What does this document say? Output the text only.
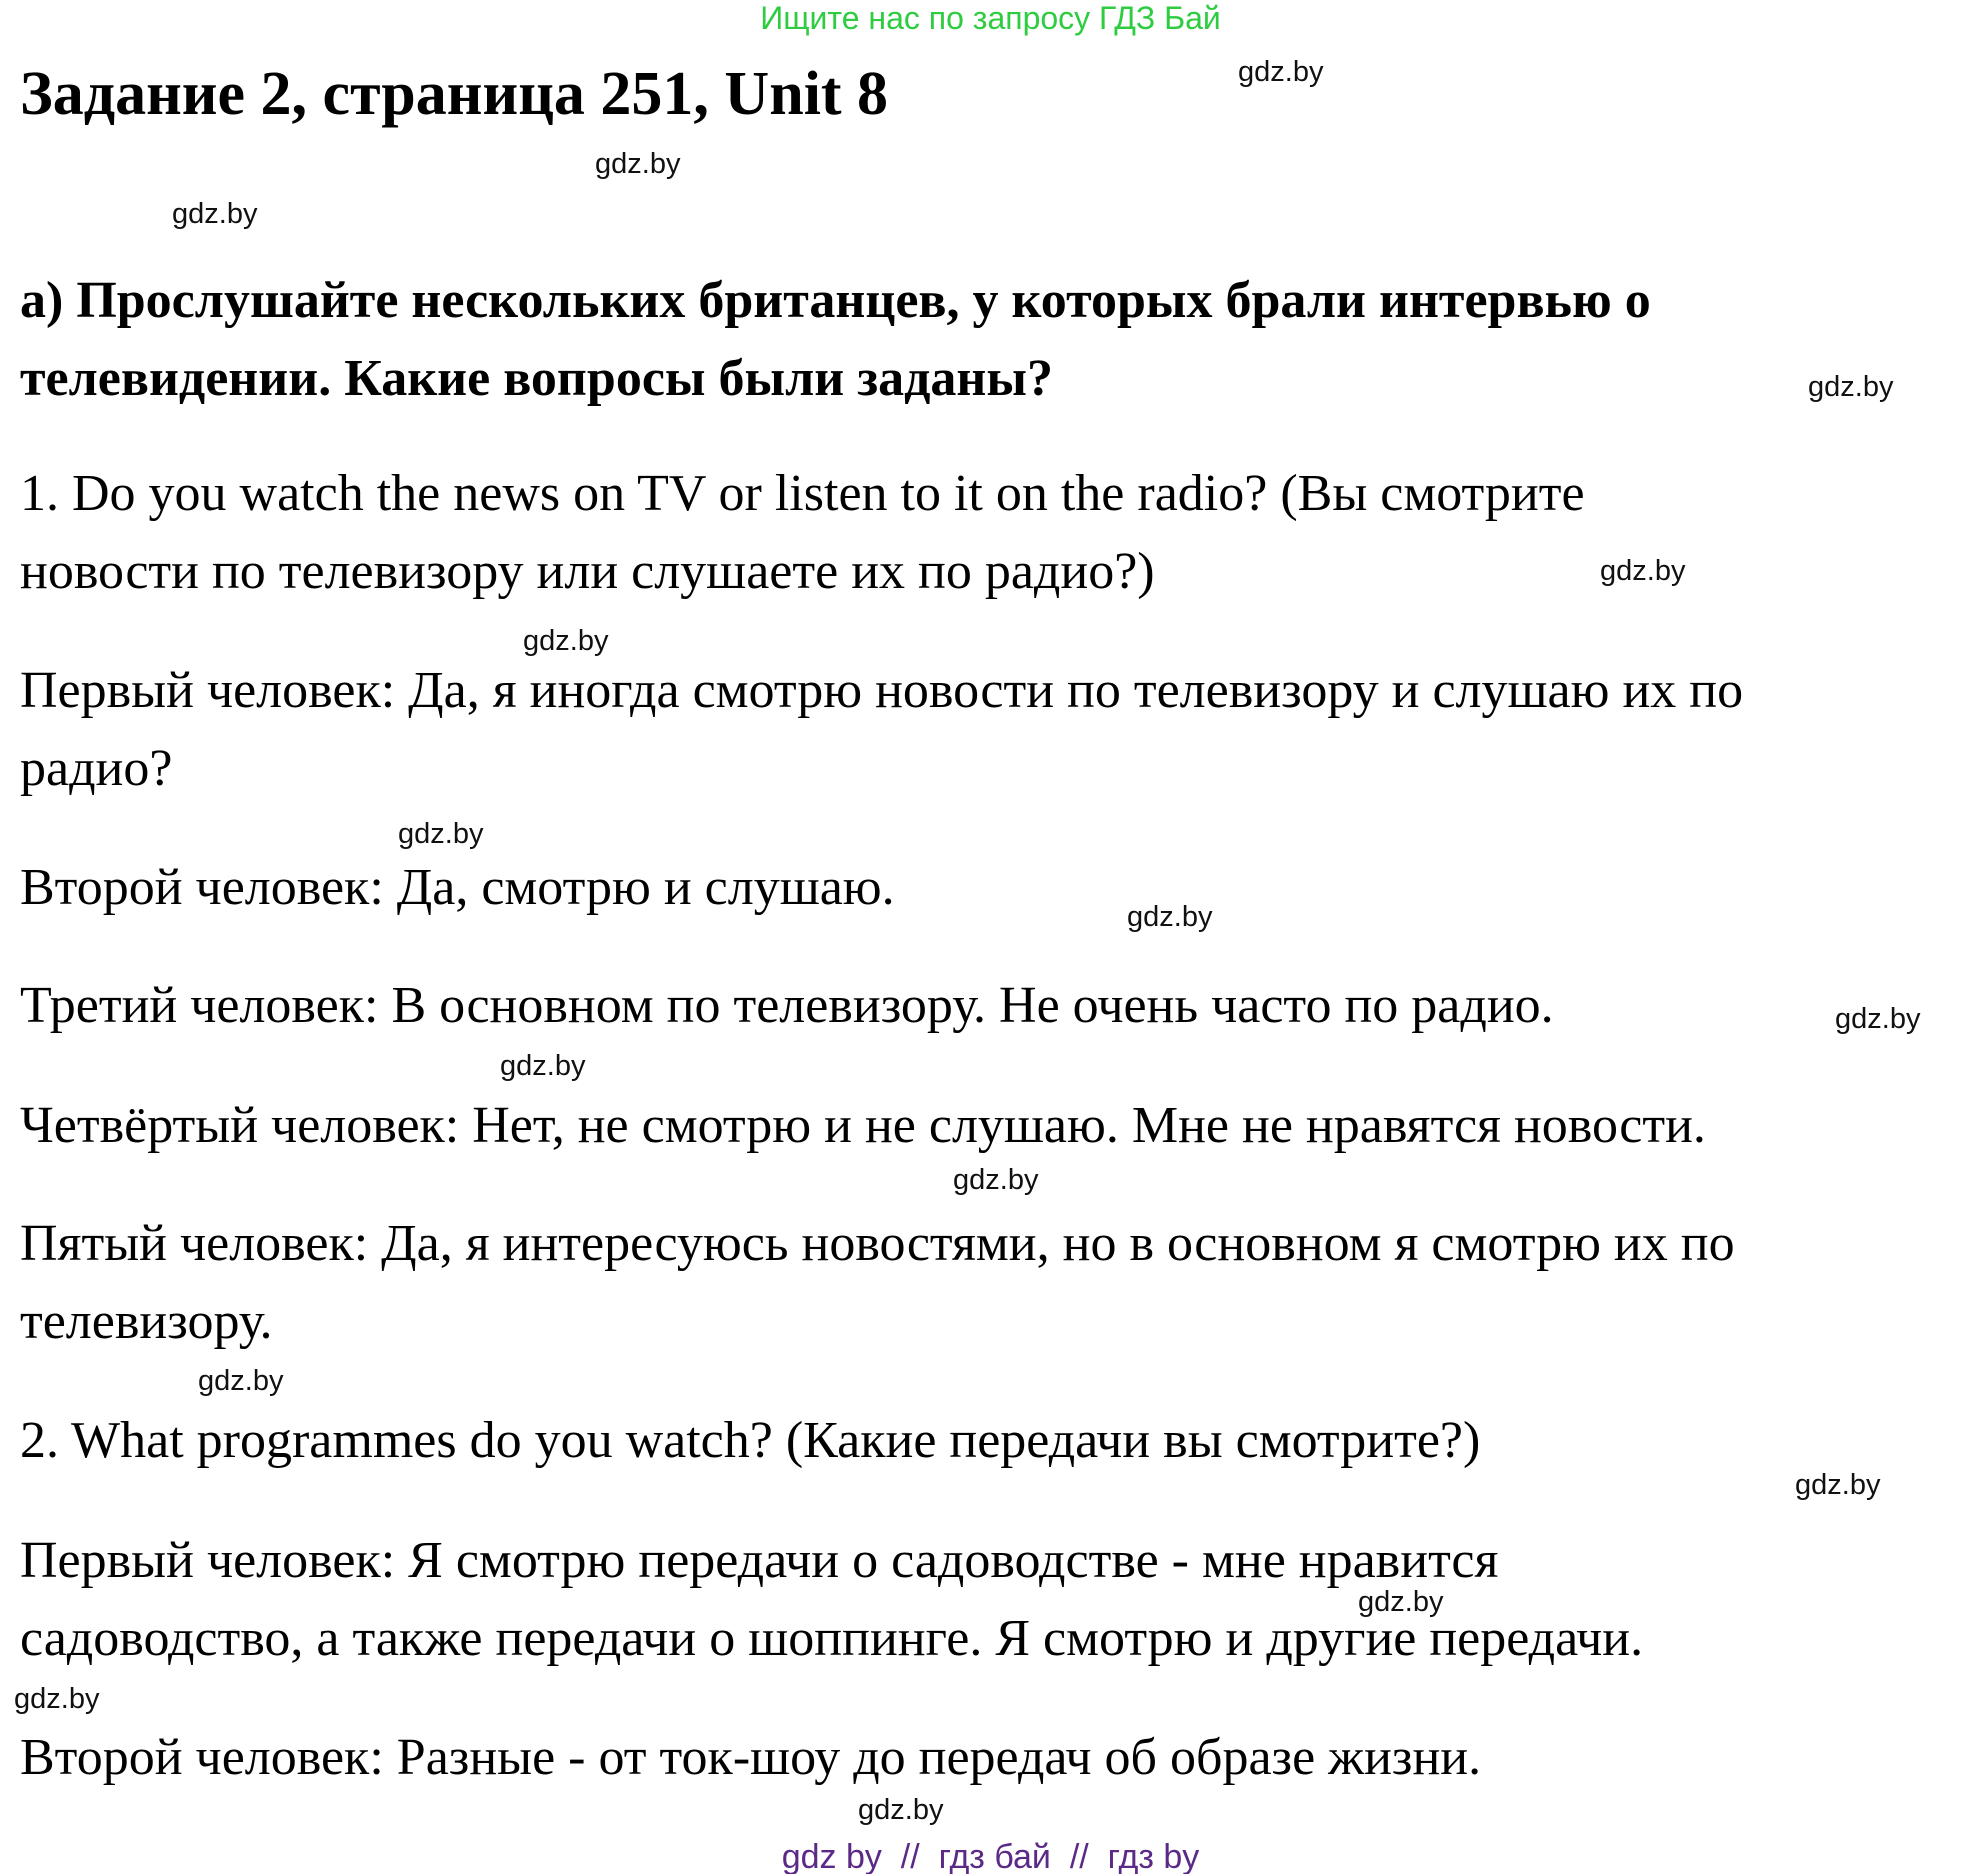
Ищите нас по запросу ГДЗ Бай
Задание 2, страница 251, Unit 8
а) Прослушайте нескольких британцев, у которых брали интервью о телевидении. Какие вопросы были заданы?
1. Do you watch the news on TV or listen to it on the radio? (Вы смотрите
новости по телевизору или слушаете их по радио?)
Первый человек: Да, я иногда смотрю новости по телевизору и слушаю их по
радио?
Второй человек: Да, смотрю и слушаю.
Третий человек: В основном по телевизору. Не очень часто по радио.
Четвёртый человек: Нет, не смотрю и не слушаю. Мне не нравятся новости.
Пятый человек: Да, я интересуюсь новостями, но в основном я смотрю их по
телевизору.
2. What programmes do you watch? (Какие передачи вы смотрите?)
Первый человек: Я смотрю передачи о садоводстве - мне нравится
садоводство, а также передачи о шоппинге. Я смотрю и другие передачи.
Второй человек: Разные - от ток-шоу до передач об образе жизни.
gdz.by
gdz.by
gdz.by
gdz.by
gdz.by
gdz.by
gdz.by
gdz.by
gdz.by
gdz.by
gdz.by
gdz.by
gdz.by
gdz.by
gdz.by
gdz.by
gdz by  //  гдз бай  //  гдз by
